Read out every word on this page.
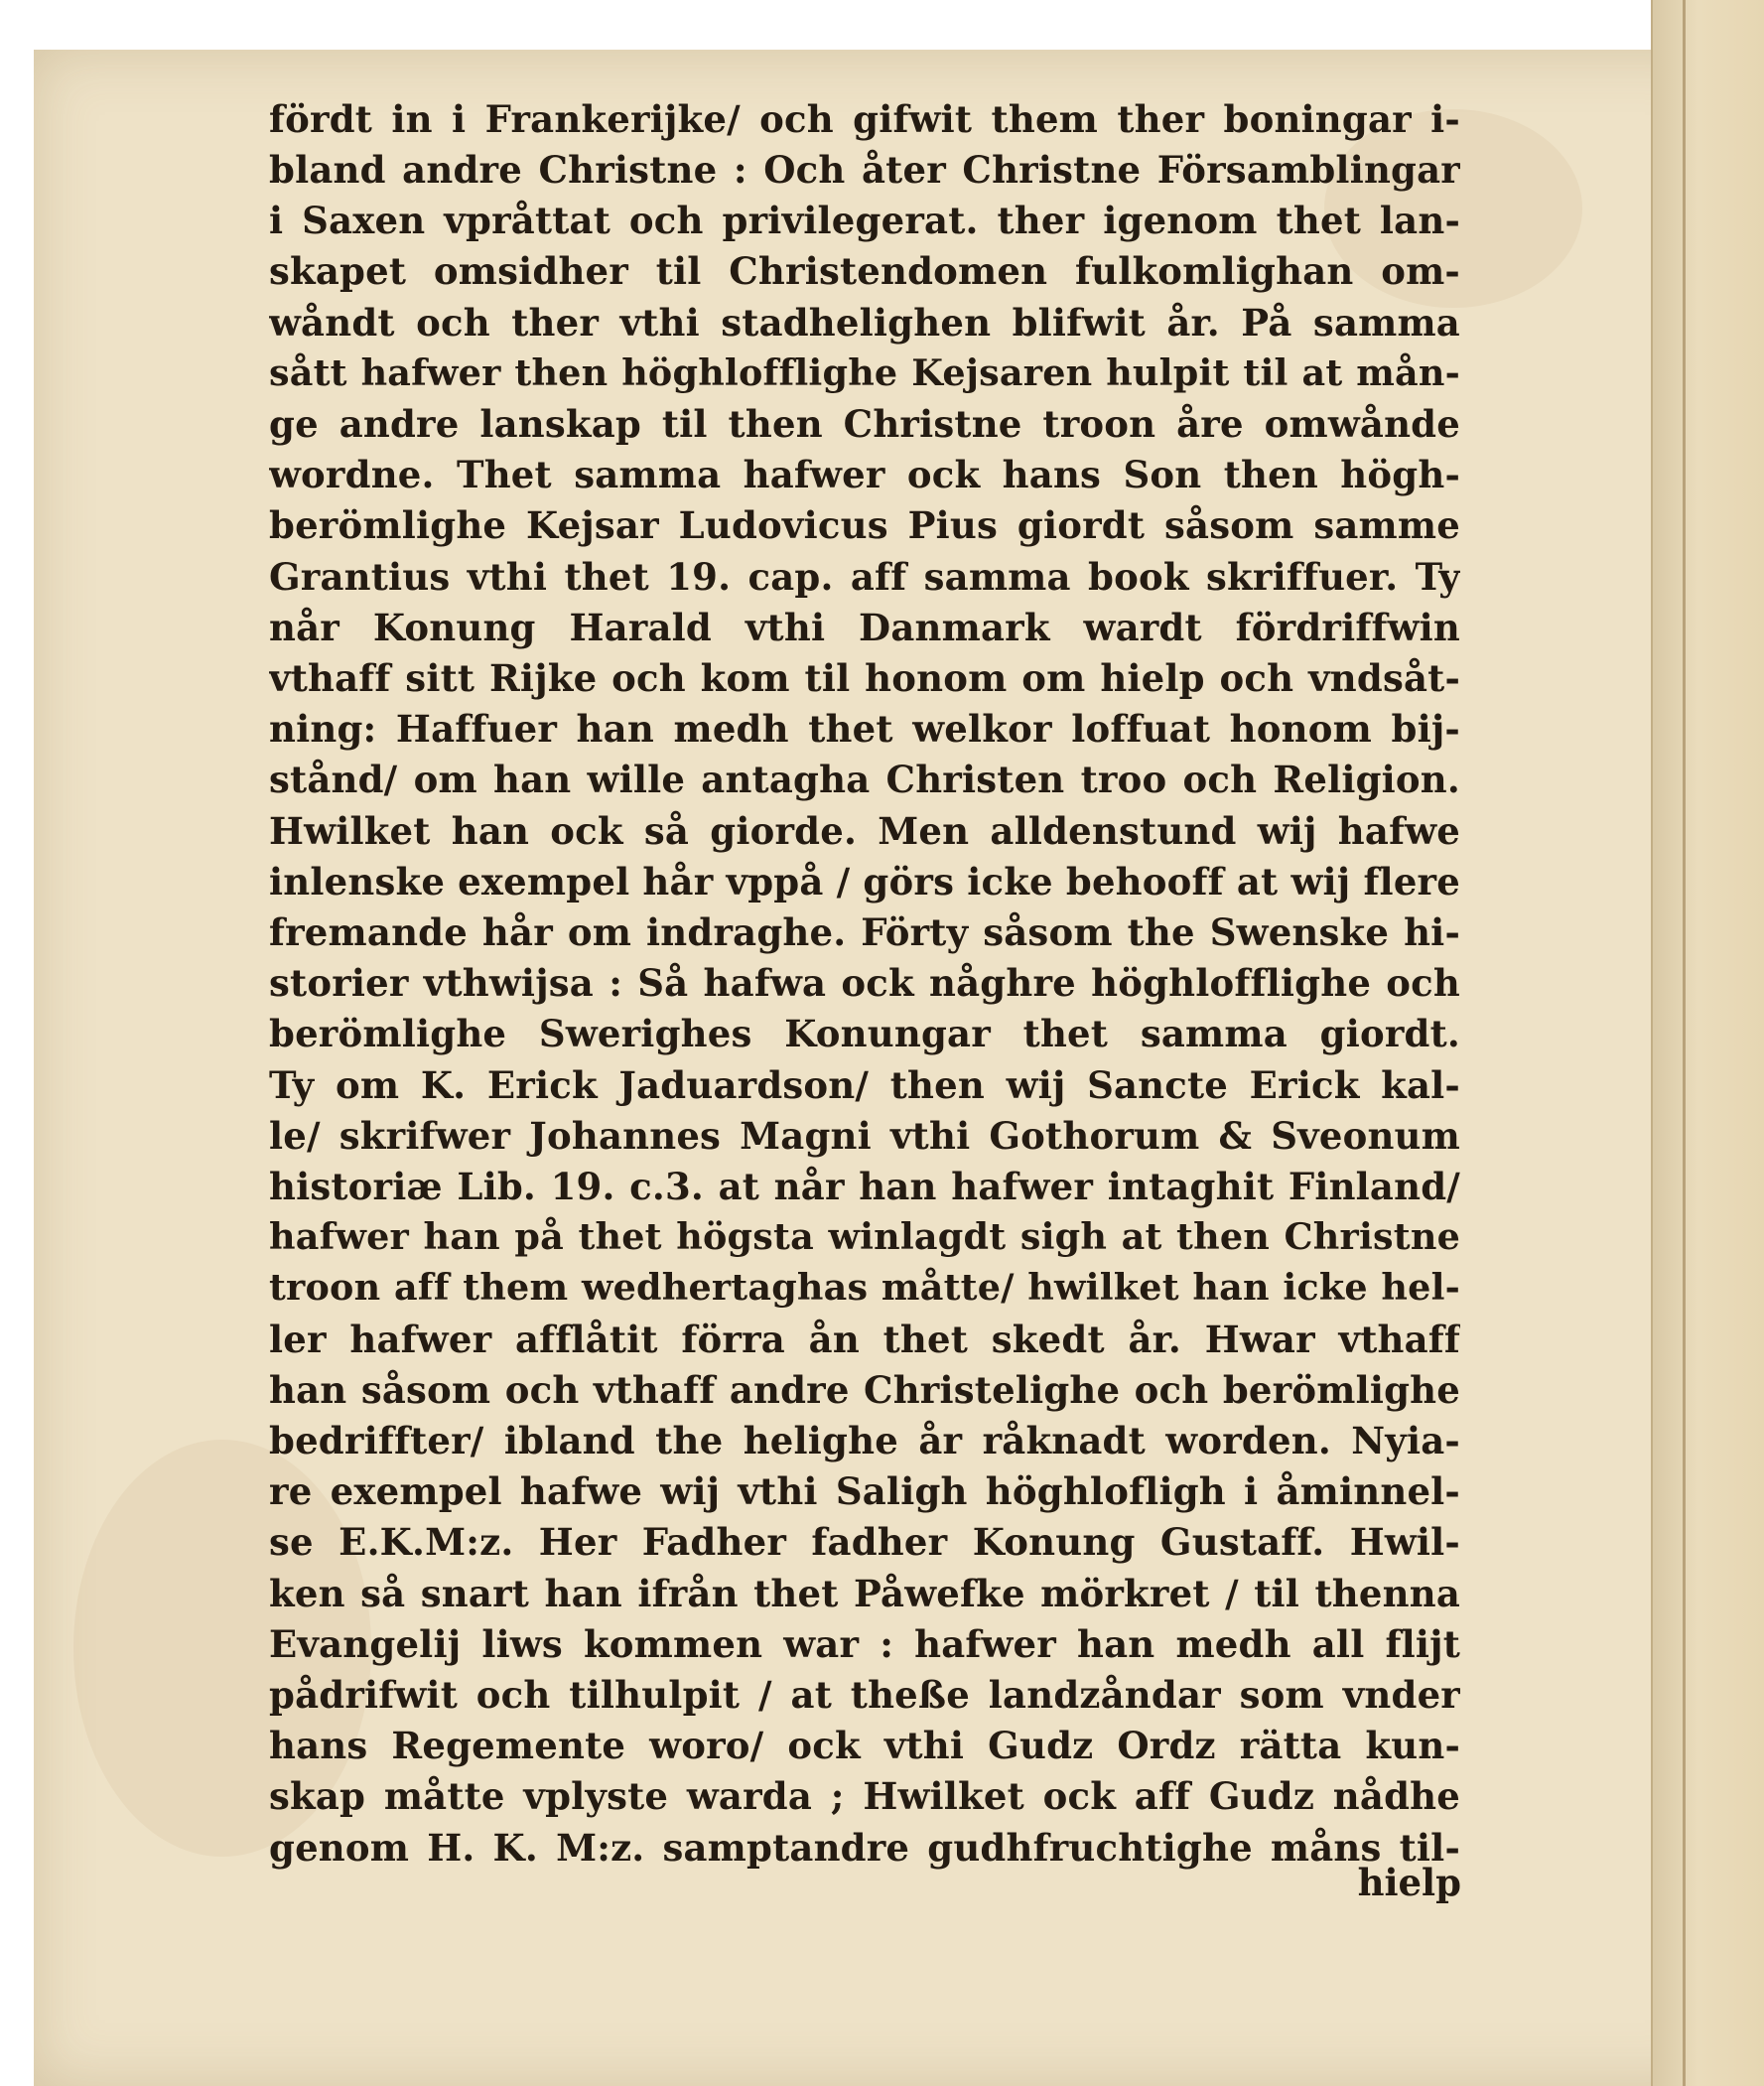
fördt in i Frankerijke/ och gifwit them ther boningar i-
bland andre Christne : Och åter Christne Församblingar
i Saxen vpråttat och privilegerat. ther igenom thet lan-
skapet omsidher til Christendomen fulkomlighan om-
wåndt och ther vthi stadhelighen blifwit år. På samma
sått hafwer then höghlofflighe Kejsaren hulpit til at mån-
ge andre lanskap til then Christne troon åre omwånde
wordne. Thet samma hafwer ock hans Son then högh-
berömlighe Kejsar Ludovicus Pius giordt såsom samme
Grantius vthi thet 19. cap. aff samma book skriffuer. Ty
når Konung Harald vthi Danmark wardt fördriffwin
vthaff sitt Rijke och kom til honom om hielp och vndsåt-
ning: Haffuer han medh thet welkor loffuat honom bij-
stånd/ om han wille antagha Christen troo och Religion.
Hwilket han ock så giorde. Men alldenstund wij hafwe
inlenske exempel hår vppå / görs icke behooff at wij flere
fremande hår om indraghe. Förty såsom the Swenske hi-
storier vthwijsa : Så hafwa ock någhre höghlofflighe och
berömlighe Swerighes Konungar thet samma giordt.
Ty om K. Erick Jaduardson/ then wij Sancte Erick kal-
le/ skrifwer Johannes Magni vthi Gothorum & Sveonum
historiæ Lib. 19. c.3. at når han hafwer intaghit Finland/
hafwer han på thet högsta winlagdt sigh at then Christne
troon aff them wedhertaghas måtte/ hwilket han icke hel-
ler hafwer afflåtit förra ån thet skedt år. Hwar vthaff
han såsom och vthaff andre Christelighe och berömlighe
bedriffter/ ibland the helighe år råknadt worden. Nyia-
re exempel hafwe wij vthi Saligh höghlofligh i åminnel-
se E.K.M:z. Her Fadher fadher Konung Gustaff. Hwil-
ken så snart han ifrån thet Påwefke mörkret / til thenna
Evangelij liws kommen war : hafwer han medh all flijt
pådrifwit och tilhulpit / at theße landzåndar som vnder
hans Regemente woro/ ock vthi Gudz Ordz rätta kun-
skap måtte vplyste warda ; Hwilket ock aff Gudz nådhe
genom H. K. M:z. samptandre gudhfruchtighe måns til-
hielp
